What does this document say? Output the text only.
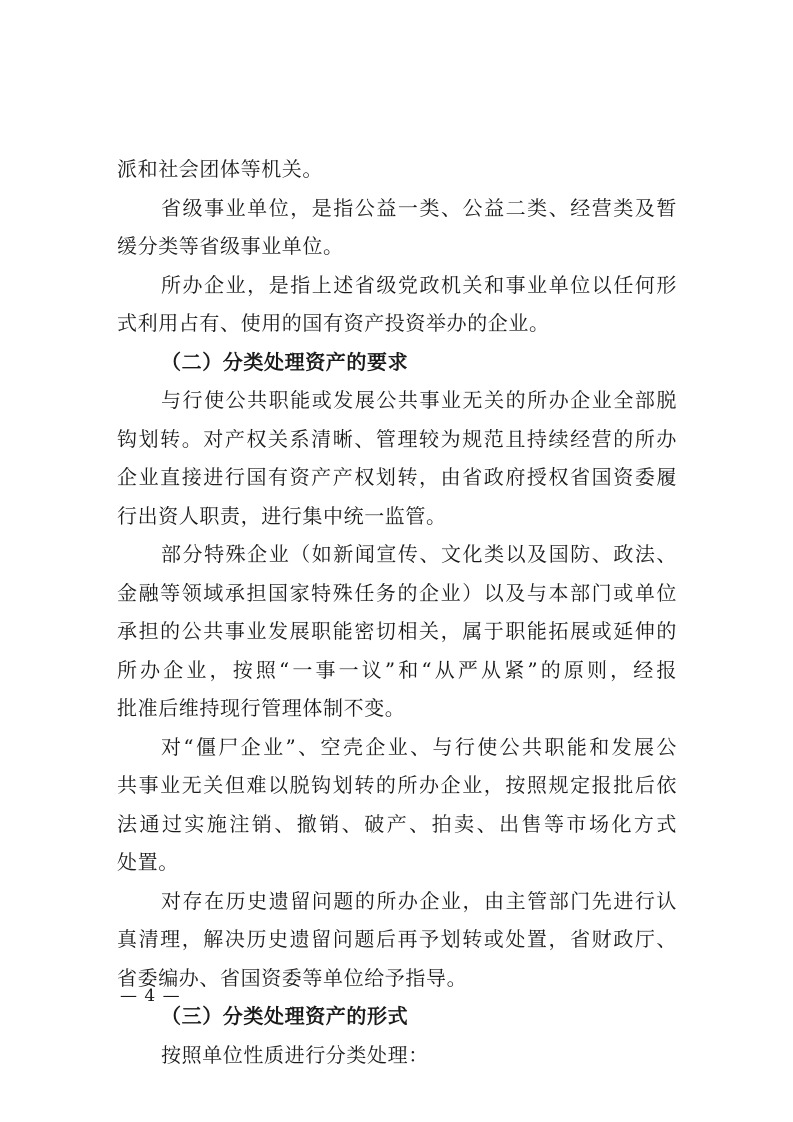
派和社会团体等机关。
省级事业单位，是指公益一类、公益二类、经营类及暂
缓分类等省级事业单位。
所办企业，是指上述省级党政机关和事业单位以任何形
式利用占有、使用的国有资产投资举办的企业。
（二）分类处理资产的要求
与行使公共职能或发展公共事业无关的所办企业全部脱
钩划转。对产权关系清晰、管理较为规范且持续经营的所办
企业直接进行国有资产产权划转，由省政府授权省国资委履
行出资人职责，进行集中统一监管。
部分特殊企业（如新闻宣传、文化类以及国防、政法、
金融等领域承担国家特殊任务的企业）以及与本部门或单位
承担的公共事业发展职能密切相关，属于职能拓展或延伸的
所办企业，按照“一事一议”和“从严从紧”的原则，经报
批准后维持现行管理体制不变。
对“僵尸企业”、空壳企业、与行使公共职能和发展公
共事业无关但难以脱钩划转的所办企业，按照规定报批后依
法通过实施注销、撤销、破产、拍卖、出售等市场化方式
处置。
对存在历史遗留问题的所办企业，由主管部门先进行认
真清理，解决历史遗留问题后再予划转或处置，省财政厅、
省委编办、省国资委等单位给予指导。
（三）分类处理资产的形式
按照单位性质进行分类处理：
— 4 —
